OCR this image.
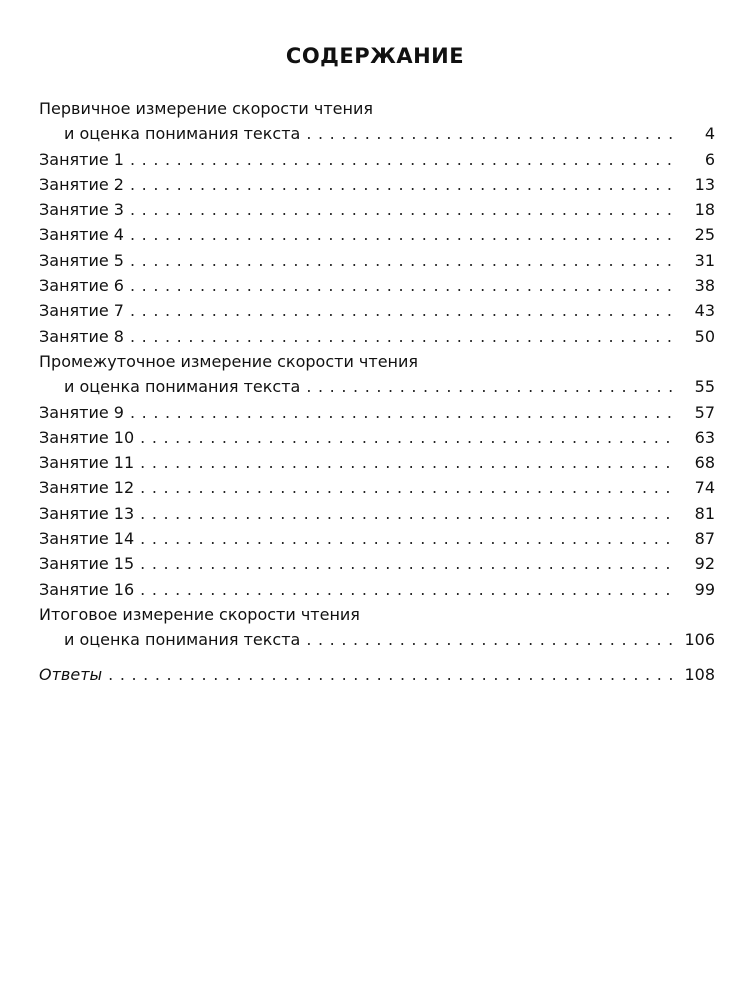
СОДЕРЖАНИЕ
Первичное измерение скорости чтения
и оценка понимания текста . . .	4
Занятие 1 . . .	6
Занятие 2 . . .	13
Занятие 3 . . .	18
Занятие 4 . . .	25
Занятие 5 . . .	31
Занятие 6 . . .	38
Занятие 7 . . .	43
Занятие 8 . . .	50
Промежуточное измерение скорости чтения
и оценка понимания текста . . .	55
Занятие 9 . . .	57
Занятие 10 . . .	63
Занятие 11 . . .	68
Занятие 12 . . .	74
Занятие 13 . . .	81
Занятие 14 . . .	87
Занятие 15 . . .	92
Занятие 16 . . .	99
Итоговое измерение скорости чтения
и оценка понимания текста . . .	106
Ответы . . .	108
